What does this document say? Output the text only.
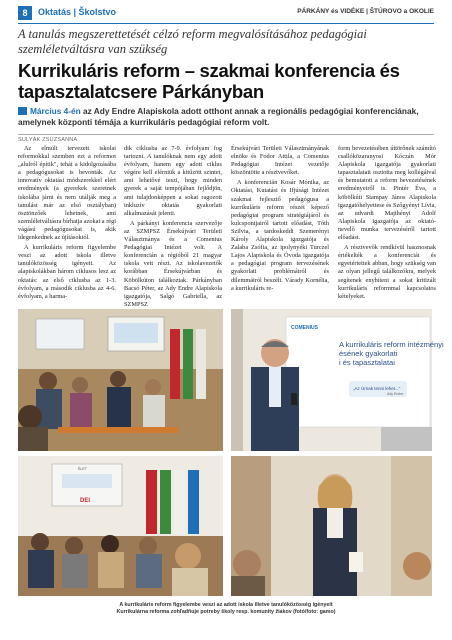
8	Oktatás | Školstvo	PÁRKÁNY és VIDÉKE | ŠTÚROVO a OKOLIE
A tanulás megszerettetését célzó reform megvalósításához pedagógiai szemléletváltásra van szükség
Kurrikuláris reform – szakmai konferencia és tapasztalatcsere Párkányban
Március 4-én az Ady Endre Alapiskola adott otthont annak a regionális pedagógiai konferenciának, amelynek központi témája a kurrikuláris pedagógiai reform volt.
SULYÁK ZSUZSANNA

Az elmúlt tervezett iskolai reformokkal szemben ezt a reformot „alulról építik", tehát a kidolgozásába a pedagógusokat is bevonták. Az innovatív oktatási módszerekkel elért eredmények (a gyerekek szeretnek iskolába járni és nem utálják meg a tanulást már az első osztályban) ösztönzőek lehetnek, ami szemléletváltásra bírhatja azokat a régi vágású pedagógusokat is, akik idegenkednek az újításoktól.

A kurrikuláris reform figyelembe veszi az adott iskola illetve tanulóközösség igényeit. Az alapiskolákban három ciklusos lesz az oktatás: az első ciklusba az 1-3. évfolyam, a második ciklusba az 4-6. évfolyam, a harma-

dik ciklusba az 7-9. évfolyam fog tartozni. A tanulóknak nem egy adott évfolyam, hanem egy adott ciklus végére kell elérniük a kitűzött szintet, ami lehetővé teszi, hogy minden gyerek a saját tempójában fejlődjön, ami tulajdonképpen a sokat ragozott inkluzív oktatás gyakorlati alkalmazását jelenti.

A párkányi konferencia szervezője az SZMPSZ Érsekújvári Területi Választmánya és a Comenius Pedagógiai Intézet volt. A konferencián a régióból 21 magyar iskola vett részt. Az iskolavezetők korábban Érsekújvárban és Köbölkúton találkoztak. Párkányban Bacsó Péter, az Ady Endre Alapiskola igazgatója, Salgó Gabriella, az SZMPSZ

Érsekújvári Területi Választmányának elnöke és Fodor Attila, a Comenius Pedagógiai Intézet vezetője köszöntötte a résztvevőket.

A konferencián Kosár Mónika, az Oktatási, Kutatási és Ifjúsági Intézet szakmai fejlesztő pedagógusa a kurrikuláris reform részét képező pedagógiai program stratégiájáról és kulcspontjairól tartott előadást, Tóth Szilvia, a tardoskeddi Szemerényi Károly Alapiskola igazgatója és Zalaba Zsófia, az ipolynyéki Turczel Lajos Alapiskola és Óvoda igazgatója a pedagógiai program tervezésének gyakorlati problémáiról és dilemmáiról beszélt. Várady Kornélia, a kurrikuláris re-

form bevezetésében úttörőnek számító csallóközaranyosi Kóczán Mór Alapiskola igazgatója gyakorlati tapasztalatait osztotta meg kollégáival és bemutatott a reform bevezetésének eredményeiről is. Pintér Éva, a köbölkúti Stampay János Alapiskola igazgatóhelyettese és Szőgyényi Lívia, az udvardi Majthényi Adolf Alapiskola igazgatója az oktató-nevelő munka tervezéséről tartott előadást.

A résztvevők rendkívül hasznosnak értékelték a konferenciát és egyetértettek abban, hogy szükség van az olyan jellegű találkozókra, melyek segítenek enyhíteni a sokat kritizált kurrikuláris reformmal kapcsolatos kételyeket.

COMENIUS
A kurrikuláris reform intézményi ésének gyakorlati i és tapasztalatai
„Az Úrnak tenni lehet..."
Ady Endre
DEI
ÉLET
A kurrikuláris reform figyelembe veszi az adott iskola illetve tanulóközösség igényeit
Kurrikulárna reforma zohľadňuje potreby školy resp. komunity žiakov (fotó/foto: gamo)
